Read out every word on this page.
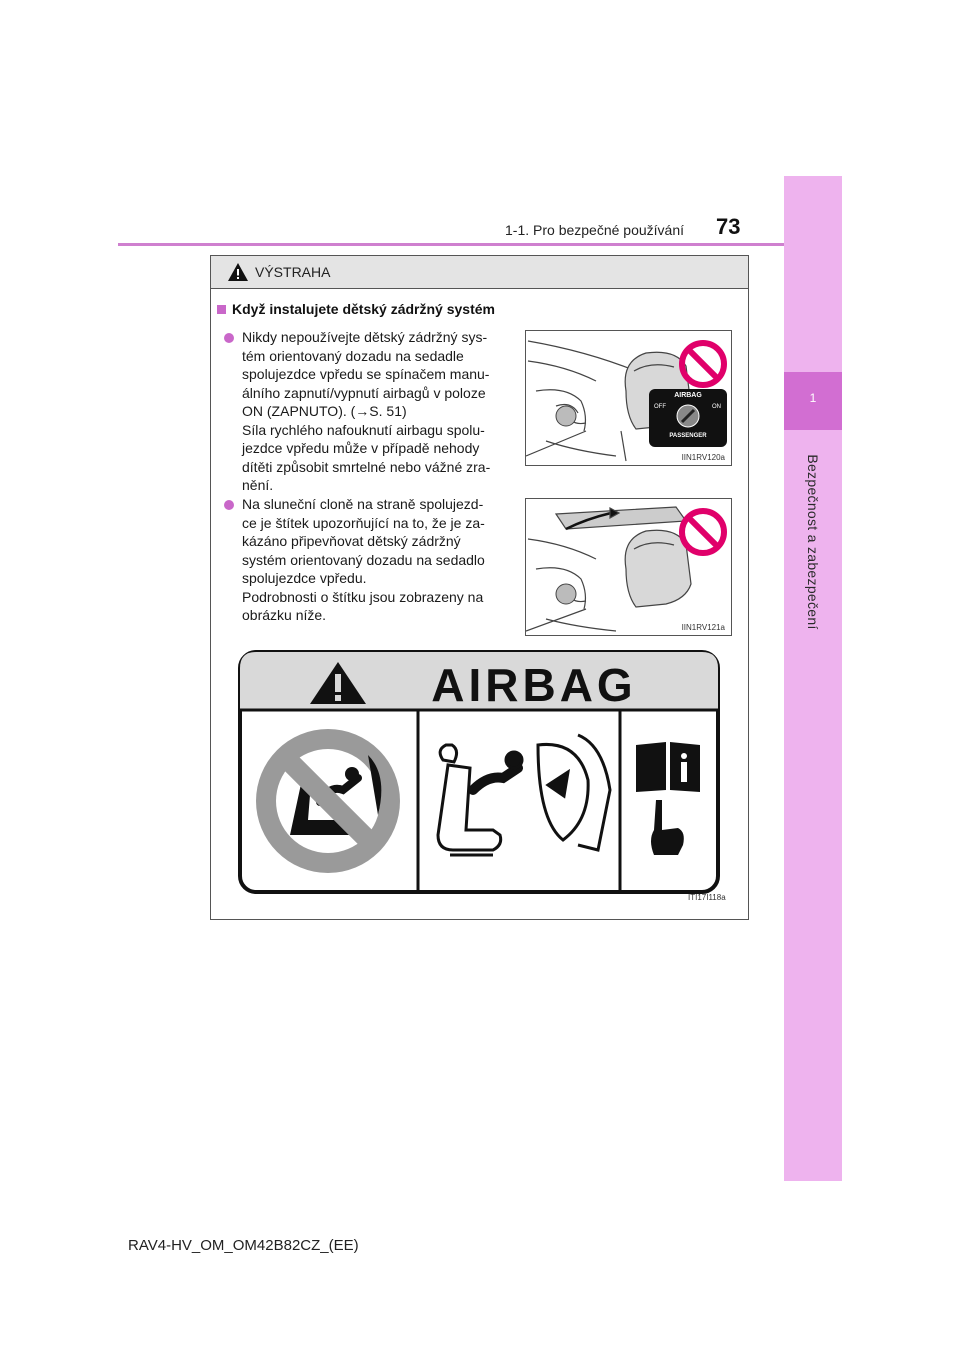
1
Bezpečnost a zabezpečení
1-1. Pro bezpečné používání 73
VÝSTRAHA
Když instalujete dětský zádržný systém
Nikdy nepoužívejte dětský zádržný sys-
tém orientovaný dozadu na sedadle
spolujezdce vpředu se spínačem manu-
álního zapnutí/vypnutí airbagů v poloze
ON (ZAPNUTO). (→S. 51)
Síla rychlého nafouknutí airbagu spolu-
jezdce vpředu může v případě nehody
dítěti způsobit smrtelné nebo vážné zra-
nění.
AIRBAG
OFF	ON
PASSENGER
IIN1RV120a
Na sluneční cloně na straně spolujezd-
ce je štítek upozorňující na to, že je za-
kázáno připevňovat dětský zádržný
systém orientovaný dozadu na sedadlo
spolujezdce vpředu.
Podrobnosti o štítku jsou zobrazeny na
obrázku níže.
IIN1RV121a
AIRBAG
ITI17I118a
RAV4-HV_OM_OM42B82CZ_(EE)
